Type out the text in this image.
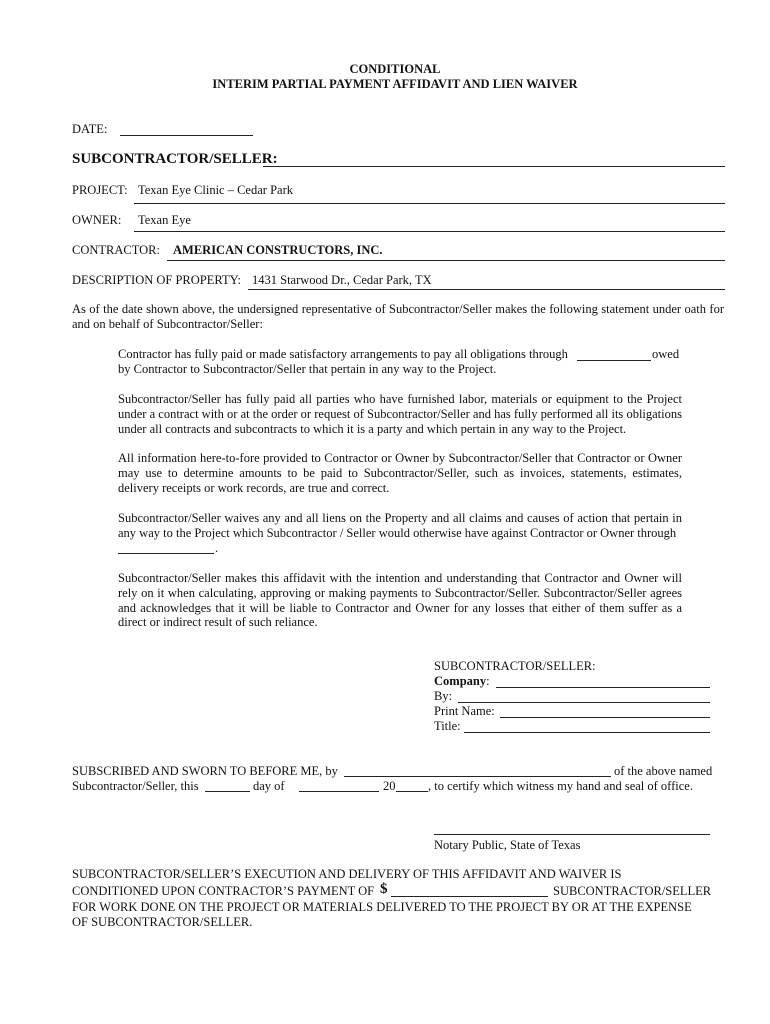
CONDITIONAL
INTERIM PARTIAL PAYMENT AFFIDAVIT AND LIEN WAIVER
DATE:
SUBCONTRACTOR/SELLER:
PROJECT: Texan Eye Clinic – Cedar Park
OWNER: Texan Eye
CONTRACTOR: AMERICAN CONSTRUCTORS, INC.
DESCRIPTION OF PROPERTY: 1431 Starwood Dr., Cedar Park, TX
As of the date shown above, the undersigned representative of Subcontractor/Seller makes the following statement under oath for and on behalf of Subcontractor/Seller:
Contractor has fully paid or made satisfactory arrangements to pay all obligations through	owed
by Contractor to Subcontractor/Seller that pertain in any way to the Project.
Subcontractor/Seller has fully paid all parties who have furnished labor, materials or equipment to the Project under a contract with or at the order or request of Subcontractor/Seller and has fully performed all its obligations under all contracts and subcontracts to which it is a party and which pertain in any way to the Project.
All information here-to-fore provided to Contractor or Owner by Subcontractor/Seller that Contractor or Owner may use to determine amounts to be paid to Subcontractor/Seller, such as invoices, statements, estimates, delivery receipts or work records, are true and correct.
Subcontractor/Seller waives any and all liens on the Property and all claims and causes of action that pertain in any way to the Project which Subcontractor / Seller would otherwise have against Contractor or Owner through
.
Subcontractor/Seller makes this affidavit with the intention and understanding that Contractor and Owner will rely on it when calculating, approving or making payments to Subcontractor/Seller. Subcontractor/Seller agrees and acknowledges that it will be liable to Contractor and Owner for any losses that either of them suffer as a direct or indirect result of such reliance.
SUBCONTRACTOR/SELLER:
Company:
By:
Print Name:
Title:
SUBSCRIBED AND SWORN TO BEFORE ME, by	of the above named
Subcontractor/Seller, this	day of	20	, to certify which witness my hand and seal of office.
Notary Public, State of Texas
SUBCONTRACTOR/SELLER’S EXECUTION AND DELIVERY OF THIS AFFIDAVIT AND WAIVER IS
CONDITIONED UPON CONTRACTOR’S PAYMENT OF $	SUBCONTRACTOR/SELLER
FOR WORK DONE ON THE PROJECT OR MATERIALS DELIVERED TO THE PROJECT BY OR AT THE EXPENSE
OF SUBCONTRACTOR/SELLER.
